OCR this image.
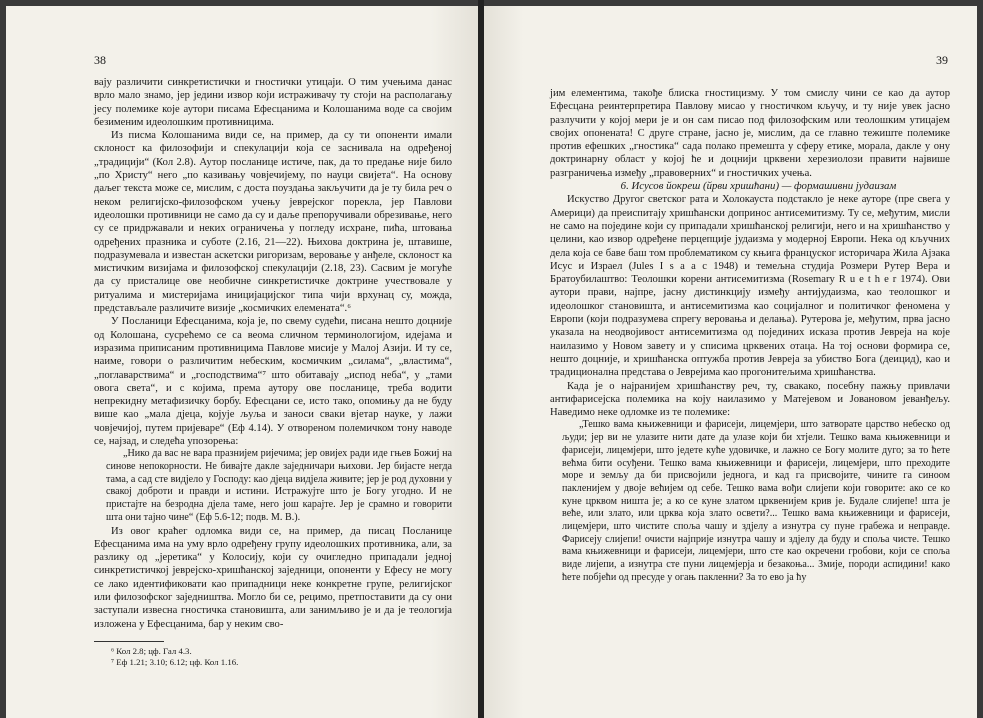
38

вају различити синкретистички и гностички утицаји. О тим учењима данас врло мало знамо, јер једини извор који истраживачу ту стоји на располагању јесу полемике које аутори писама Ефесцанима и Колошанима воде са својим безименим идеолошким противницима.

Из писма Колошанима види се, на пример, да су ти опоненти имали склоност ка филозофији и спекулацији која се заснивала на одређеној „традицији“ (Кол 2.8). Аутор посланице истиче, пак, да то предање није било „по Христу“ него „по казивању човјечијему, по науци свијета“. На основу даљег текста може се, мислим, с доста поуздања закључити да је ту била реч о неком религијско-филозофском учењу јеврејског порекла, јер Павлови идеолошки противници не само да су и даље препоручивали обрезивање, него су се придржавали и неких ограничења у погледу исхране, пића, штовања одређених празника и суботе (2.16, 21—22). Њихова доктрина је, штавише, подразумевала и известан аскетски ригоризам, веровање у анђеле, склоност ка мистичким визијама и филозофској спекулацији (2.18, 23). Сасвим је могуће да су присталице ове необичне синкретистичке доктрине учествовале у ритуалима и мистеријама иницијацијског типа чији врхунац су, можда, представљале различите визије „космичких елемената“.⁶

У Посланици Ефесцанима, која је, по свему судећи, писана нешто доцније од Колошана, сусрећемо се са веома сличном терминологијом, идејама и изразима приписаним противницима Павлове мисије у Малој Азији. И ту се, наиме, говори о различитим небеским, космичким „силама“, „властима“, „поглаварствима“ и „господствима“⁷ што обитавају „испод неба“, у „тами овога света“, и с којима, према аутору ове посланице, треба водити непрекидну метафизичку борбу. Ефесцани се, исто тако, опомињу да не буду више као „мала дјеца, којује љуља и заноси сваки вјетар науке, у лажи човјечијој, путем пријеваре“ (Еф 4.14). У отвореном полемичком тону наводе се, најзад, и следећа упозорења:

„Нико да вас не вара празнијем ријечима; јер овијех ради иде гњев Божиј на синове непокорности. Не бивајте дакле заједничари њихови. Јер бијасте негда тама, а сад сте видјело у Господу: као дјеца видјела живите; јер је род духовни у свакој доброти и правди и истини. Истражујте што је Богу угодно. И не пристајте на безродна дјела таме, него још карајте. Јер је срамно и говорити шта они тајно чине“ (Еф 5.6-12; подв. М. В.).

Из овог краћег одломка види се, на пример, да писац Посланице Ефесцанима има на уму врло одређену групу идеолошких противника, али, за разлику од „јеретика“ у Колосију, који су очигледно припадали једној синкретистичкој јеврејско-хришћанској заједници, опоненти у Ефесу не могу се лако идентификовати као припадници неке конкретне групе, религијског или филозофског заједништва. Могло би се, рецимо, претпоставити да су они заступали извесна гностичка становишта, али занимљиво је и да је теологија изложена у Ефесцанима, бар у неким сво-

⁶ Кол 2.8; цф. Гал 4.3.

⁷ Еф 1.21; 3.10; 6.12; цф. Кол 1.16.

39

јим елементима, такође блиска гностицизму. У том смислу чини се као да аутор Ефесцана реинтерпретира Павлову мисао у гностичком кључу, и ту није увек јасно разлучити у којој мери је и он сам писао под филозофским или теолошким утицајем својих опонената! С друге стране, јасно је, мислим, да се главно тежиште полемике против ефешких „гностика“ сада полако премешта у сферу етике, морала, дакле у ону доктринарну област у којој ће и доцнији црквени херезиолози правити највише разграничења између „правоверних“ и гностичких учења.

6. Исусов йокреш (йрви хришћани) — формашивни јудаизам

Искуство Другог светског рата и Холокауста подстакло је неке ауторе (пре свега у Америци) да преиспитају хришћански допринос антисемитизму. Ту се, међутим, мисли не само на поједине који су припадали хришћанској религији, него и на хришћанство у целини, као извор одређене перцепције јудаизма у модерној Европи. Нека од кључних дела која се баве баш том проблематиком су књига француског историчара Жила Ајзака Исус и Израел (Jules I s a a c 1948) и темељна студија Розмери Рутер Вера и Братоубилаштво: Теолошки корени антисемитизма (Rosemary R u e t h e r 1974). Ови аутори прави, најпре, јасну дистинкцију између антијудаизма, као теолошког и идеолошког становишта, и антисемитизма као социјалног и политичког феномена у Европи (који подразумева спрегу веровања и делања). Рутерова је, међутим, прва јасно указала на неодвојивост антисемитизма од појединих исказа против Јевреја на које наилазимо у Новом завету и у списима црквених отаца. На тој основи формира се, нешто доцније, и хришћанска оптужба против Јевреја за убиство Бога (деицид), као и традиционална представа о Јеврејима као прогонитељима хришћанства.

Када је о најранијем хришћанству реч, ту, свакако, посебну пажњу привлачи антифарисејска полемика на коју наилазимо у Матејевом и Јовановом јеванђељу. Наведимо неке одломке из те полемике:

„Тешко вама књижевници и фарисеји, лицемјери, што затворате царство небеско од људи; јер ви не улазите нити дате да улазе који би хтјели. Тешко вама књижевници и фарисеји, лицемјери, што једете куће удовичке, и лажно се Богу молите дуго; за то ћете већма бити осуђени. Тешко вама књижевници и фарисеји, лицемјери, што преходите море и земљу да би присвојили једнога, и кад га присвојите, чините га синоом пакленијем у двоје већијем од себе. Тешко вама вођи слијепи који говорите: ако се ко куне црквом ништа је; а ко се куне златом црквенијем крив је. Будале слијепе! шта је веће, или злато, или црква која злато освети?... Тешко вама књижевници и фарисеји, лицемјери, што чистите споља чашу и здјелу а изнутра су пуне грабежа и неправде. Фарисеју слијепи! очисти најприје изнутра чашу и здјелу да буду и споља чисте. Тешко вама књижевници и фарисеји, лицемјери, што сте као окречени гробови, који се споља виде лијепи, а изнутра сте пуни лицемјерја и безакоња... Змије, породи аспидини! како ћете побјећи од пресуде у огањ пакленни? За то ево ја ћу
